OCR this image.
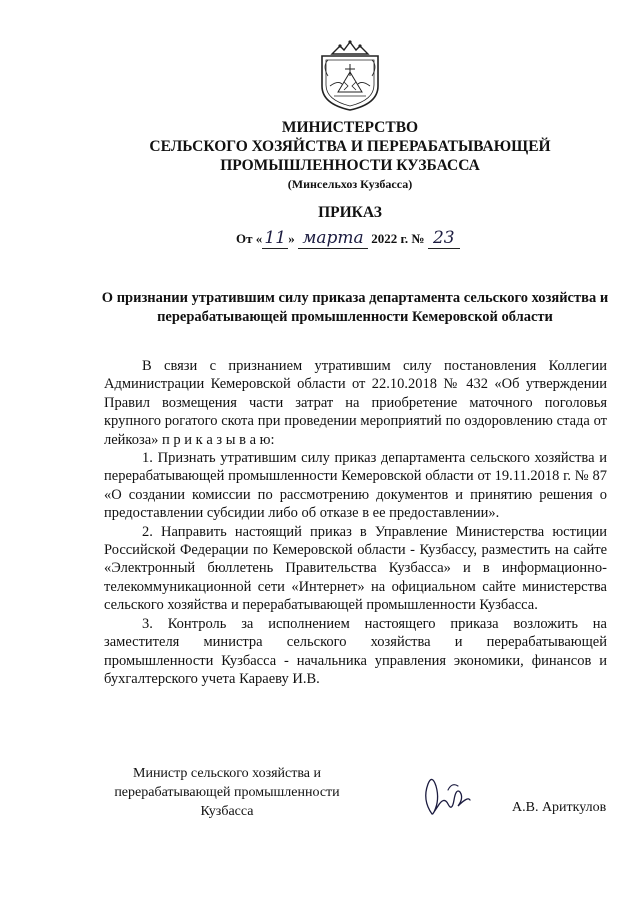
МИНИСТЕРСТВО
СЕЛЬСКОГО ХОЗЯЙСТВА И ПЕРЕРАБАТЫВАЮЩЕЙ
ПРОМЫШЛЕННОСТИ КУЗБАССА
(Минсельхоз Кузбасса)
ПРИКАЗ
От « 11 » марта 2022 г. № 23
О признании утратившим силу приказа департамента сельского хозяйства и перерабатывающей промышленности Кемеровской области

В связи с признанием утратившим силу постановления Коллегии Администрации Кемеровской области от 22.10.2018 № 432 «Об утверждении Правил возмещения части затрат на приобретение маточного поголовья крупного рогатого скота при проведении мероприятий по оздоровлению стада от лейкоза» п р и к а з ы в а ю:

1. Признать утратившим силу приказ департамента сельского хозяйства и перерабатывающей промышленности Кемеровской области от 19.11.2018 г. № 87 «О создании комиссии по рассмотрению документов и принятию решения о предоставлении субсидии либо об отказе в ее предоставлении».

2. Направить настоящий приказ в Управление Министерства юстиции Российской Федерации по Кемеровской области - Кузбассу, разместить на сайте «Электронный бюллетень Правительства Кузбасса» и в информационно-телекоммуникационной сети «Интернет» на официальном сайте министерства сельского хозяйства и перерабатывающей промышленности Кузбасса.

3. Контроль за исполнением настоящего приказа возложить на заместителя министра сельского хозяйства и перерабатывающей промышленности Кузбасса - начальника управления экономики, финансов и бухгалтерского учета Караеву И.В.

Министр сельского хозяйства и
перерабатывающей промышленности
Кузбасса	А.В. Ариткулов
